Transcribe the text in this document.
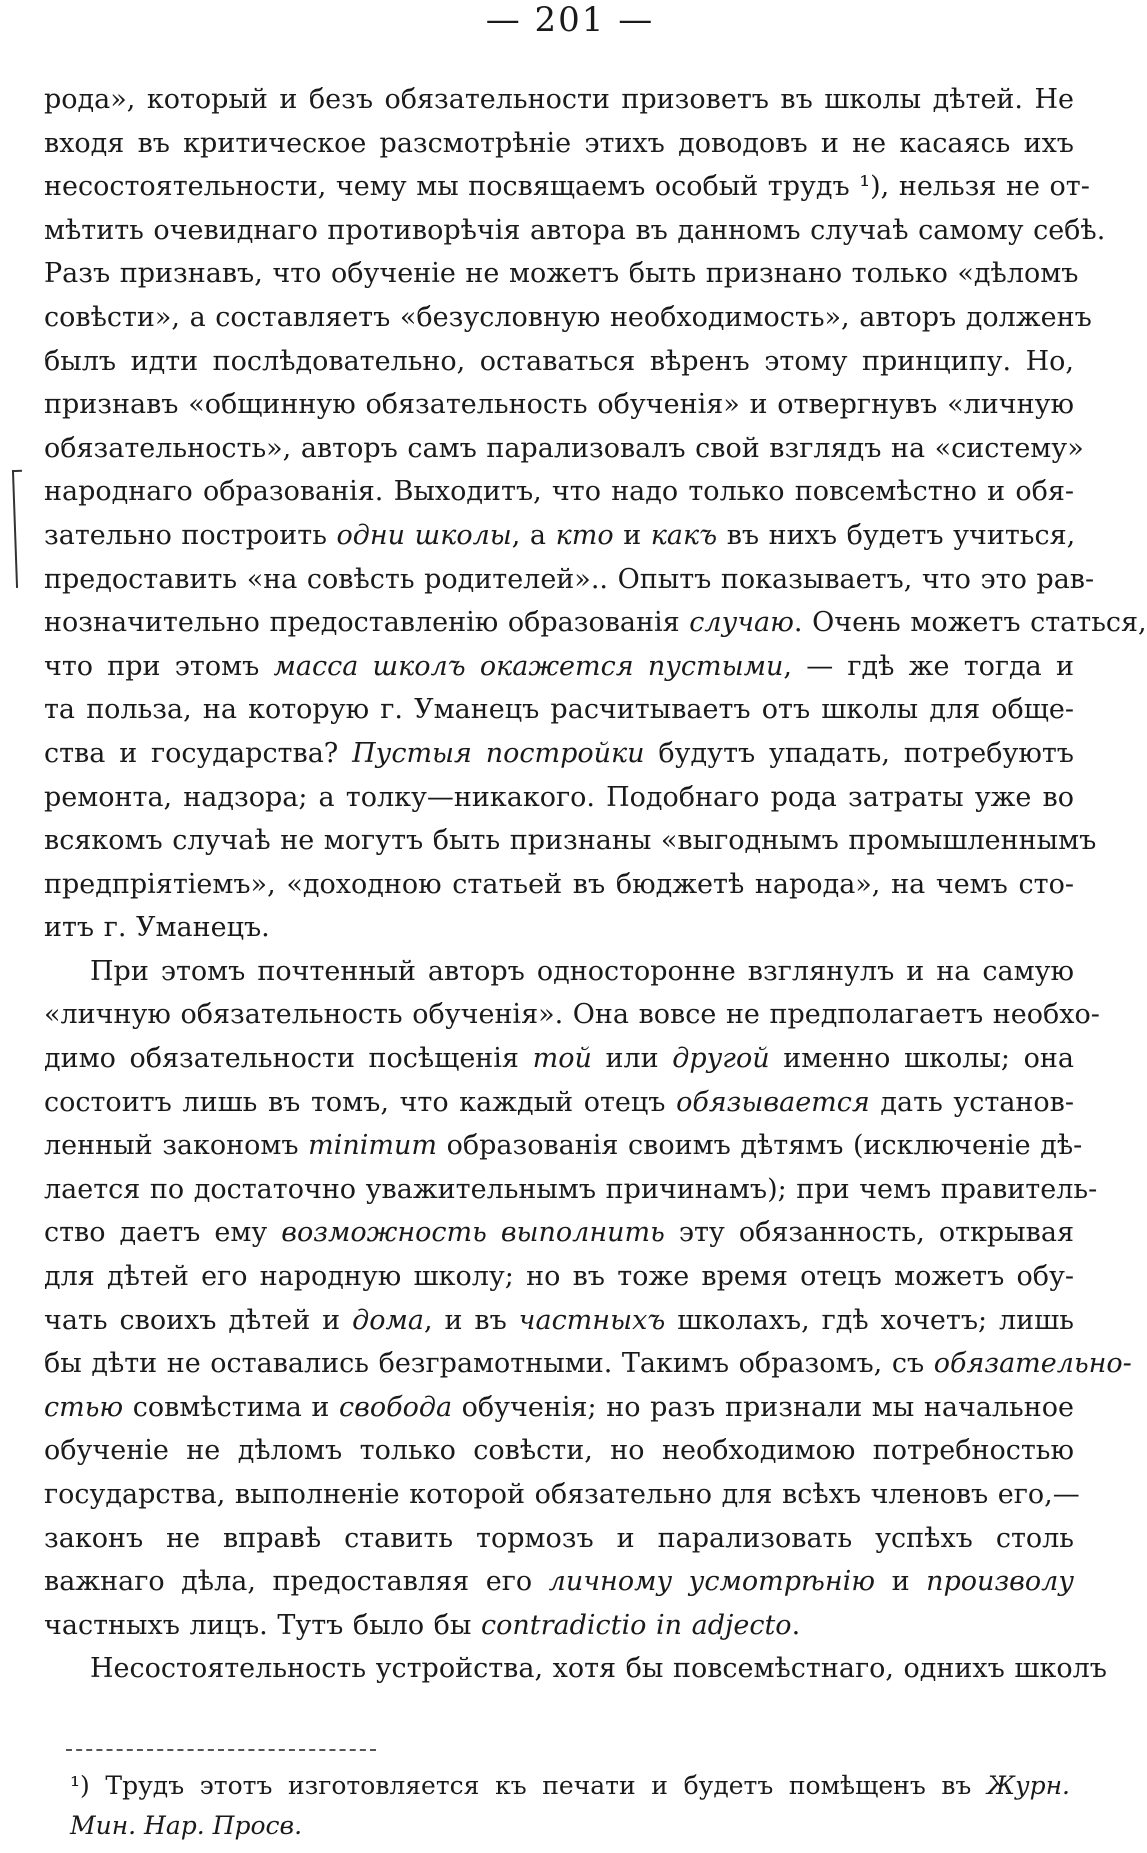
— 201 —
рода», который и безъ обязательности призоветъ въ школы дѣтей. Не
входя въ критическое разсмотрѣніе этихъ доводовъ и не касаясь ихъ
несостоятельности, чему мы посвящаемъ особый трудъ ¹), нельзя не от-
мѣтить очевиднаго противорѣчія автора въ данномъ случаѣ самому себѣ.
Разъ признавъ, что обученіе не можетъ быть признано только «дѣломъ
совѣсти», а составляетъ «безусловную необходимость», авторъ долженъ
былъ идти послѣдовательно, оставаться вѣренъ этому принципу. Но,
признавъ «общинную обязательность обученія» и отвергнувъ «личную
обязательность», авторъ самъ парализовалъ свой взглядъ на «систему»
народнаго образованія. Выходитъ, что надо только повсемѣстно и обя-
зательно построить одни школы, а кто и какъ въ нихъ будетъ учиться,
предоставить «на совѣсть родителей».. Опытъ показываетъ, что это рав-
нозначительно предоставленію образованія случаю. Очень можетъ статься,
что при этомъ масса школъ окажется пустыми, — гдѣ же тогда и
та польза, на которую г. Уманецъ расчитываетъ отъ школы для обще-
ства и государства? Пустыя постройки будутъ упадать, потребуютъ
ремонта, надзора; а толку—никакого. Подобнаго рода затраты уже во
всякомъ случаѣ не могутъ быть признаны «выгоднымъ промышленнымъ
предпріятіемъ», «доходною статьей въ бюджетѣ народа», на чемъ сто-
итъ г. Уманецъ.
При этомъ почтенный авторъ односторонне взглянулъ и на самую
«личную обязательность обученія». Она вовсе не предполагаетъ необхо-
димо обязательности посѣщенія той или другой именно школы; она
состоитъ лишь въ томъ, что каждый отецъ обязывается дать установ-
ленный закономъ minimum образованія своимъ дѣтямъ (исключеніе дѣ-
лается по достаточно уважительнымъ причинамъ); при чемъ правитель-
ство даетъ ему возможность выполнить эту обязанность, открывая
для дѣтей его народную школу; но въ тоже время отецъ можетъ обу-
чать своихъ дѣтей и дома, и въ частныхъ школахъ, гдѣ хочетъ; лишь
бы дѣти не оставались безграмотными. Такимъ образомъ, съ обязательно-
стью совмѣстима и свобода обученія; но разъ признали мы начальное
обученіе не дѣломъ только совѣсти, но необходимою потребностью
государства, выполненіе которой обязательно для всѣхъ членовъ его,—
законъ не вправѣ ставить тормозъ и парализовать успѣхъ столь
важнаго дѣла, предоставляя его личному усмотрѣнію и произволу
частныхъ лицъ. Тутъ было бы contradictio in adjecto.
Несостоятельность устройства, хотя бы повсемѣстнаго, однихъ школъ
¹) Трудъ этотъ изготовляется къ печати и будетъ помѣщенъ въ Журн.
Мин. Нар. Просв.
